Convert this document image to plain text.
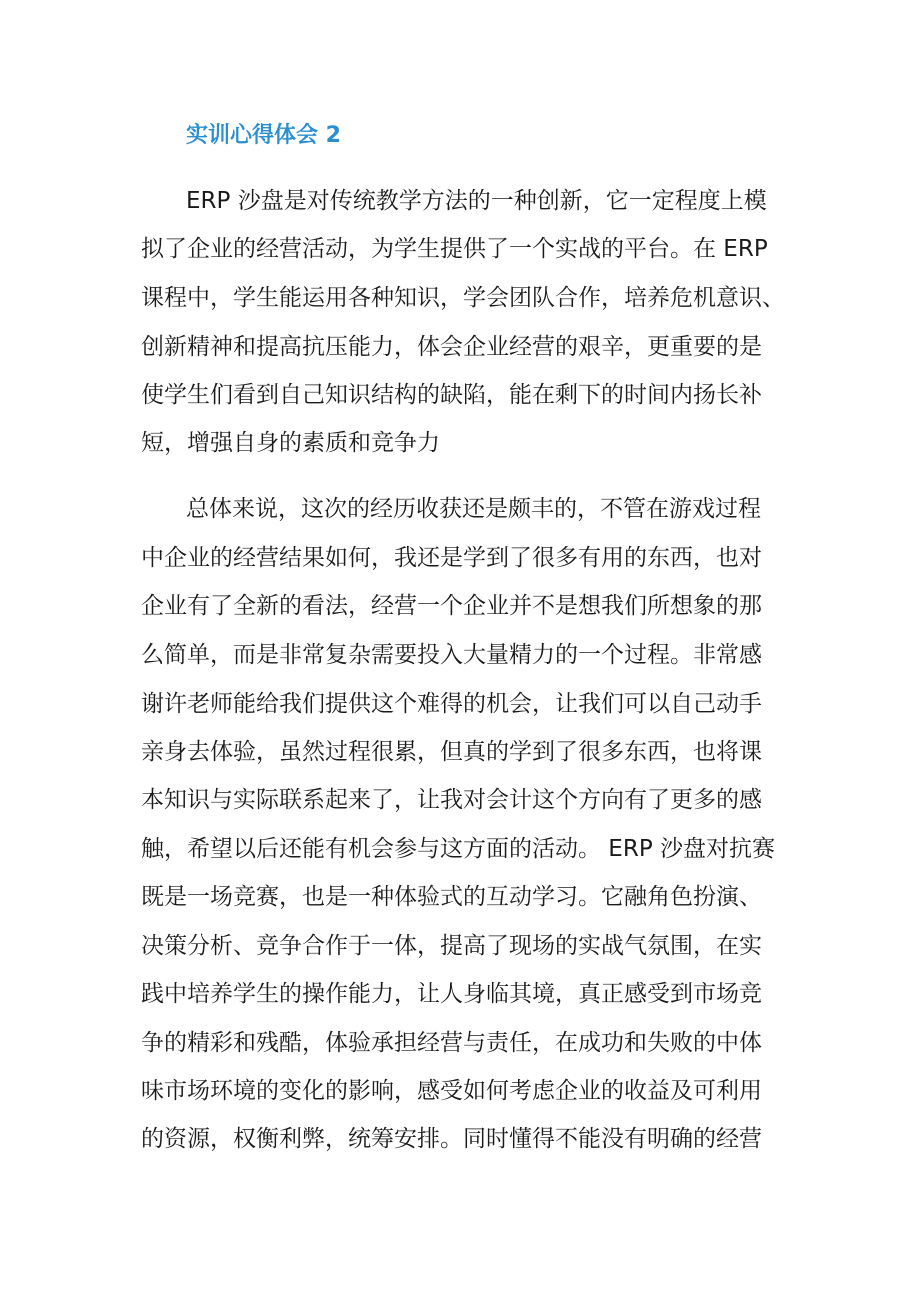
实训心得体会 2
ERP 沙盘是对传统教学方法的一种创新，它一定程度上模
拟了企业的经营活动，为学生提供了一个实战的平台。在 ERP
课程中，学生能运用各种知识，学会团队合作，培养危机意识、
创新精神和提高抗压能力，体会企业经营的艰辛，更重要的是
使学生们看到自己知识结构的缺陷，能在剩下的时间内扬长补
短，增强自身的素质和竞争力
总体来说，这次的经历收获还是颇丰的，不管在游戏过程
中企业的经营结果如何，我还是学到了很多有用的东西，也对
企业有了全新的看法，经营一个企业并不是想我们所想象的那
么简单，而是非常复杂需要投入大量精力的一个过程。非常感
谢许老师能给我们提供这个难得的机会，让我们可以自己动手
亲身去体验，虽然过程很累，但真的学到了很多东西，也将课
本知识与实际联系起来了，让我对会计这个方向有了更多的感
触，希望以后还能有机会参与这方面的活动。 ERP 沙盘对抗赛
既是一场竞赛，也是一种体验式的互动学习。它融角色扮演、
决策分析、竞争合作于一体，提高了现场的实战气氛围，在实
践中培养学生的操作能力，让人身临其境，真正感受到市场竞
争的精彩和残酷，体验承担经营与责任，在成功和失败的中体
味市场环境的变化的影响，感受如何考虑企业的收益及可利用
的资源，权衡利弊，统筹安排。同时懂得不能没有明确的经营
